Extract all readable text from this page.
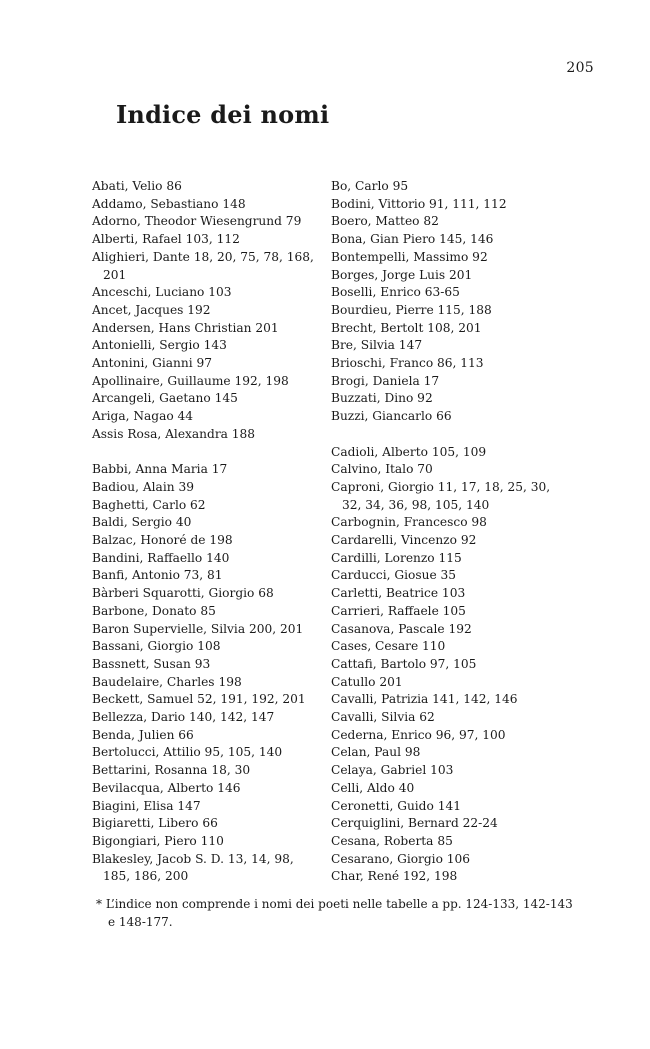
205
Indice dei nomi
Abati, Velio 86
Addamo, Sebastiano 148
Adorno, Theodor Wiesengrund 79
Alberti, Rafael 103, 112
Alighieri, Dante 18, 20, 75, 78, 168, 201
Anceschi, Luciano 103
Ancet, Jacques 192
Andersen, Hans Christian 201
Antonielli, Sergio 143
Antonini, Gianni 97
Apollinaire, Guillaume 192, 198
Arcangeli, Gaetano 145
Ariga, Nagao 44
Assis Rosa, Alexandra 188
Babbi, Anna Maria 17
Badiou, Alain 39
Baghetti, Carlo 62
Baldi, Sergio 40
Balzac, Honoré de 198
Bandini, Raffaello 140
Banfi, Antonio 73, 81
Bàrberi Squarotti, Giorgio 68
Barbone, Donato 85
Baron Supervielle, Silvia 200, 201
Bassani, Giorgio 108
Bassnett, Susan 93
Baudelaire, Charles 198
Beckett, Samuel 52, 191, 192, 201
Bellezza, Dario 140, 142, 147
Benda, Julien 66
Bertolucci, Attilio 95, 105, 140
Bettarini, Rosanna 18, 30
Bevilacqua, Alberto 146
Biagini, Elisa 147
Bigiaretti, Libero 66
Bigongiari, Piero 110
Blakesley, Jacob S. D. 13, 14, 98, 185, 186, 200
Bo, Carlo 95
Bodini, Vittorio 91, 111, 112
Boero, Matteo 82
Bona, Gian Piero 145, 146
Bontempelli, Massimo 92
Borges, Jorge Luis 201
Boselli, Enrico 63-65
Bourdieu, Pierre 115, 188
Brecht, Bertolt 108, 201
Bre, Silvia 147
Brioschi, Franco 86, 113
Brogi, Daniela 17
Buzzati, Dino 92
Buzzi, Giancarlo 66
Cadioli, Alberto 105, 109
Calvino, Italo 70
Caproni, Giorgio 11, 17, 18, 25, 30, 32, 34, 36, 98, 105, 140
Carbognin, Francesco 98
Cardarelli, Vincenzo 92
Cardilli, Lorenzo 115
Carducci, Giosue 35
Carletti, Beatrice 103
Carrieri, Raffaele 105
Casanova, Pascale 192
Cases, Cesare 110
Cattafi, Bartolo 97, 105
Catullo 201
Cavalli, Patrizia 141, 142, 146
Cavalli, Silvia 62
Cederna, Enrico 96, 97, 100
Celan, Paul 98
Celaya, Gabriel 103
Celli, Aldo 40
Ceronetti, Guido 141
Cerquiglini, Bernard 22-24
Cesana, Roberta 85
Cesarano, Giorgio 106
Char, René 192, 198
* L’indice non comprende i nomi dei poeti nelle tabelle a pp. 124-133, 142-143 e 148-177.
